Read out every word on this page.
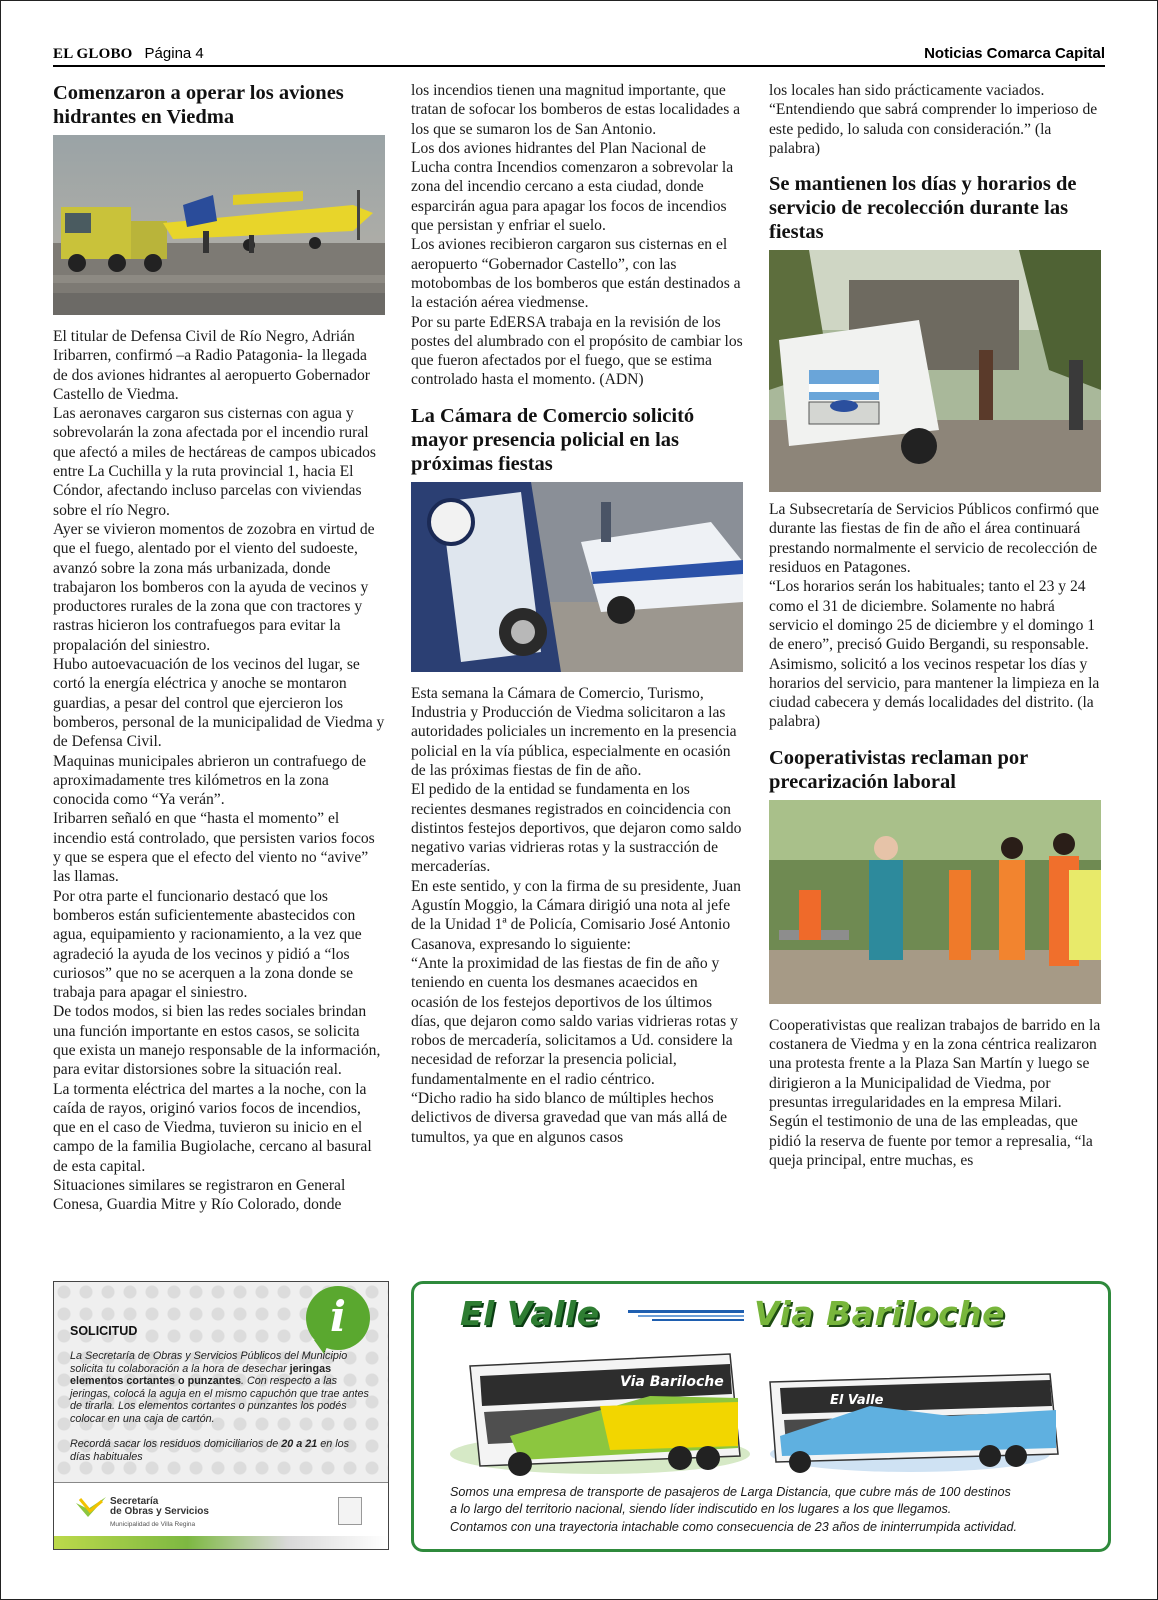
EL GLOBO Página 4	Noticias Comarca Capital
Comenzaron a operar los aviones hidrantes en Viedma

El titular de Defensa Civil de Río Negro, Adrián Iribarren, confirmó –a Radio Patagonia- la llegada de dos aviones hidrantes al aeropuerto Gobernador Castello de Viedma.

Las aeronaves cargaron sus cisternas con agua y sobrevolarán la zona afectada por el incendio rural que afectó a miles de hectáreas de campos ubicados entre La Cuchilla y la ruta provincial 1, hacia El Cóndor, afectando incluso parcelas con viviendas sobre el río Negro.

Ayer se vivieron momentos de zozobra en virtud de que el fuego, alentado por el viento del sudoeste, avanzó sobre la zona más urbanizada, donde trabajaron los bomberos con la ayuda de vecinos y productores rurales de la zona que con tractores y rastras hicieron los contrafuegos para evitar la propalación del siniestro.

Hubo autoevacuación de los vecinos del lugar, se cortó la energía eléctrica y anoche se montaron guardias, a pesar del control que ejercieron los bomberos, personal de la municipalidad de Viedma y de Defensa Civil.

Maquinas municipales abrieron un contrafuego de aproximadamente tres kilómetros en la zona conocida como “Ya verán”.

Iribarren señaló en que “hasta el momento” el incendio está controlado, que persisten varios focos y que se espera que el efecto del viento no “avive” las llamas.

Por otra parte el funcionario destacó que los bomberos están suficientemente abastecidos con agua, equipamiento y racionamiento, a la vez que agradeció la ayuda de los vecinos y pidió a “los curiosos” que no se acerquen a la zona donde se trabaja para apagar el siniestro.

De todos modos, si bien las redes sociales brindan una función importante en estos casos, se solicita que exista un manejo responsable de la información, para evitar distorsiones sobre la situación real.

La tormenta eléctrica del martes a la noche, con la caída de rayos, originó varios focos de incendios, que en el caso de Viedma, tuvieron su inicio en el campo de la familia Bugiolache, cercano al basural de esta capital.

Situaciones similares se registraron en General Conesa, Guardia Mitre y Río Colorado, donde

los incendios tienen una magnitud importante, que tratan de sofocar los bomberos de estas localidades a los que se sumaron los de San Antonio.

Los dos aviones hidrantes del Plan Nacional de Lucha contra Incendios comenzaron a sobrevolar la zona del incendio cercano a esta ciudad, donde esparcirán agua para apagar los focos de incendios que persistan y enfriar el suelo.

Los aviones recibieron cargaron sus cisternas en el aeropuerto “Gobernador Castello”, con las motobombas de los bomberos que están destinados a la estación aérea viedmense.

Por su parte EdERSA trabaja en la revisión de los postes del alumbrado con el propósito de cambiar los que fueron afectados por el fuego, que se estima controlado hasta el momento. (ADN)

La Cámara de Comercio solicitó mayor presencia policial en las próximas fiestas

Esta semana la Cámara de Comercio, Turismo, Industria y Producción de Viedma solicitaron a las autoridades policiales un incremento en la presencia policial en la vía pública, especialmente en ocasión de las próximas fiestas de fin de año.

El pedido de la entidad se fundamenta en los recientes desmanes registrados en coincidencia con distintos festejos deportivos, que dejaron como saldo negativo varias vidrieras rotas y la sustracción de mercaderías.

En este sentido, y con la firma de su presidente, Juan Agustín Moggio, la Cámara dirigió una nota al jefe de la Unidad 1ª de Policía, Comisario José Antonio Casanova, expresando lo siguiente:

“Ante la proximidad de las fiestas de fin de año y teniendo en cuenta los desmanes acaecidos en ocasión de los festejos deportivos de los últimos días, que dejaron como saldo varias vidrieras rotas y robos de mercadería, solicitamos a Ud. considere la necesidad de reforzar la presencia policial, fundamentalmente en el radio céntrico.

“Dicho radio ha sido blanco de múltiples hechos delictivos de diversa gravedad que van más allá de tumultos, ya que en algunos casos

los locales han sido prácticamente vaciados.

“Entendiendo que sabrá comprender lo imperioso de este pedido, lo saluda con consideración.” (la palabra)

Se mantienen los días y horarios de servicio de recolección durante las fiestas

La Subsecretaría de Servicios Públicos confirmó que durante las fiestas de fin de año el área continuará prestando normalmente el servicio de recolección de residuos en Patagones.

“Los horarios serán los habituales; tanto el 23 y 24 como el 31 de diciembre. Solamente no habrá servicio el domingo 25 de diciembre y el domingo 1 de enero”, precisó Guido Bergandi, su responsable.

Asimismo, solicitó a los vecinos respetar los días y horarios del servicio, para mantener la limpieza en la ciudad cabecera y demás localidades del distrito. (la palabra)

Cooperativistas reclaman por precarización laboral

Cooperativistas que realizan trabajos de barrido en la costanera de Viedma y en la zona céntrica realizaron una protesta frente a la Plaza San Martín y luego se dirigieron a la Municipalidad de Viedma, por presuntas irregularidades en la empresa Milari.

Según el testimonio de una de las empleadas, que pidió la reserva de fuente por temor a represalia, “la queja principal, entre muchas, es

i
SOLICITUD
La Secretaría de Obras y Servicios Públicos del Municipio solicita tu colaboración a la hora de desechar jeringas elementos cortantes o punzantes. Con respecto a las jeringas, colocá la aguja en el mismo capuchón que trae antes de tirarla. Los elementos cortantes o punzantes los podés colocar en una caja de cartón.
Recordá sacar los residuos domiciliarios de 20 a 21 en los días habituales
Secretaría
de Obras y Servicios
Municipalidad de Villa Regina
El Valle	Via Bariloche
Via Bariloche
El Valle
Somos una empresa de transporte de pasajeros de Larga Distancia, que cubre más de 100 destinos
a lo largo del territorio nacional, siendo líder indiscutido en los lugares a los que llegamos.
Contamos con una trayectoria intachable como consecuencia de 23 años de ininterrumpida actividad.
